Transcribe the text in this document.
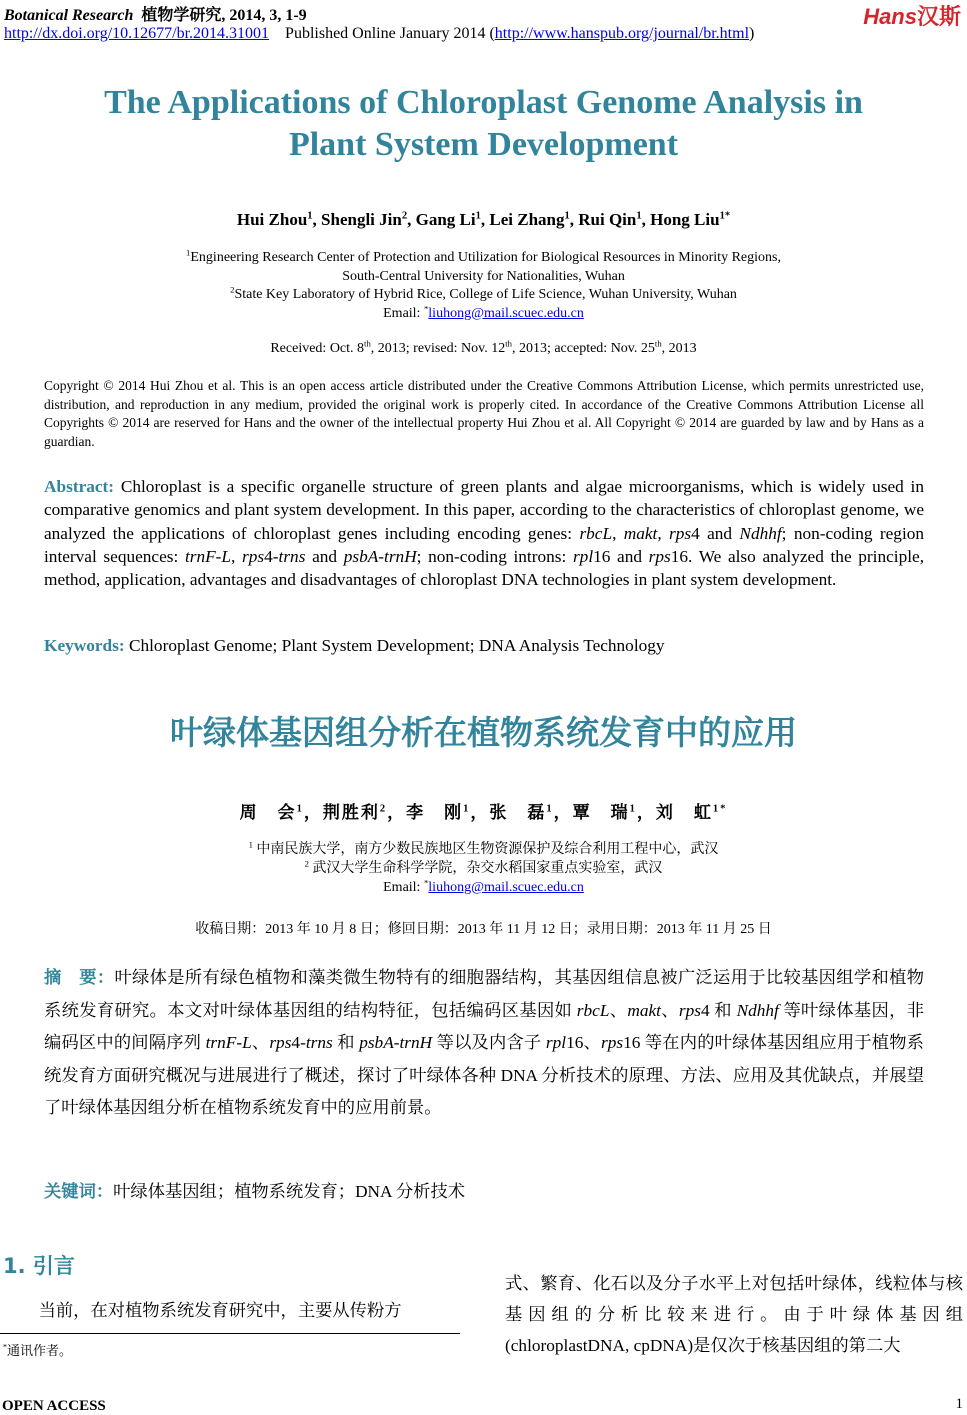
Botanical Research 植物学研究, 2014, 3, 1-9
http://dx.doi.org/10.12677/br.2014.31001 Published Online January 2014 (http://www.hanspub.org/journal/br.html)
Hans汉斯
The Applications of Chloroplast Genome Analysis in Plant System Development
Hui Zhou$^1$, Shengli Jin$^2$, Gang Li$^1$, Lei Zhang$^1$, Rui Qin$^1$, Hong Liu$^{1*}$
$^1$Engineering Research Center of Protection and Utilization for Biological Resources in Minority Regions,
South-Central University for Nationalities, Wuhan
$^2$State Key Laboratory of Hybrid Rice, College of Life Science, Wuhan University, Wuhan
Email: *liuhong@mail.scuec.edu.cn
Received: Oct. 8th, 2013; revised: Nov. 12th, 2013; accepted: Nov. 25th, 2013
Copyright © 2014 Hui Zhou et al. This is an open access article distributed under the Creative Commons Attribution License, which permits unrestricted use, distribution, and reproduction in any medium, provided the original work is properly cited. In accordance of the Creative Commons Attribution License all Copyrights © 2014 are reserved for Hans and the owner of the intellectual property Hui Zhou et al. All Copyright © 2014 are guarded by law and by Hans as a guardian.
Abstract: Chloroplast is a specific organelle structure of green plants and algae microorganisms, which is widely used in comparative genomics and plant system development. In this paper, according to the characteristics of chloroplast genome, we analyzed the applications of chloroplast genes including encoding genes: rbcL, makt, rps4 and Ndhhf; non-coding region interval sequences: trnF-L, rps4-trns and psbA-trnH; non-coding introns: rpl16 and rps16. We also analyzed the principle, method, application, advantages and disadvantages of chloroplast DNA technologies in plant system development.
Keywords: Chloroplast Genome; Plant System Development; DNA Analysis Technology
叶绿体基因组分析在植物系统发育中的应用
周　会$^1$，荆胜利$^2$，李　刚$^1$，张　磊$^1$，覃　瑞$^1$，刘　虹$^{1*}$
$^1$ 中南民族大学，南方少数民族地区生物资源保护及综合利用工程中心，武汉
$^2$ 武汉大学生命科学学院，杂交水稻国家重点实验室，武汉
Email: *liuhong@mail.scuec.edu.cn
收稿日期：2013 年 10 月 8 日；修回日期：2013 年 11 月 12 日；录用日期：2013 年 11 月 25 日
摘　要：叶绿体是所有绿色植物和藻类微生物特有的细胞器结构，其基因组信息被广泛运用于比较基因组学和植物系统发育研究。本文对叶绿体基因组的结构特征，包括编码区基因如 rbcL、makt、rps4 和 Ndhhf 等叶绿体基因，非编码区中的间隔序列 trnF-L、rps4-trns 和 psbA-trnH 等以及内含子 rpl16、rps16 等在内的叶绿体基因组应用于植物系统发育方面研究概况与进展进行了概述，探讨了叶绿体各种 DNA 分析技术的原理、方法、应用及其优缺点，并展望了叶绿体基因组分析在植物系统发育中的应用前景。
关键词：叶绿体基因组；植物系统发育；DNA 分析技术
1. 引言
当前，在对植物系统发育研究中，主要从传粉方
*通讯作者。
式、繁育、化石以及分子水平上对包括叶绿体，线粒体与核基因组的分析比较来进行。由于叶绿体基因组(chloroplastDNA, cpDNA)是仅次于核基因组的第二大
OPEN ACCESS	1
